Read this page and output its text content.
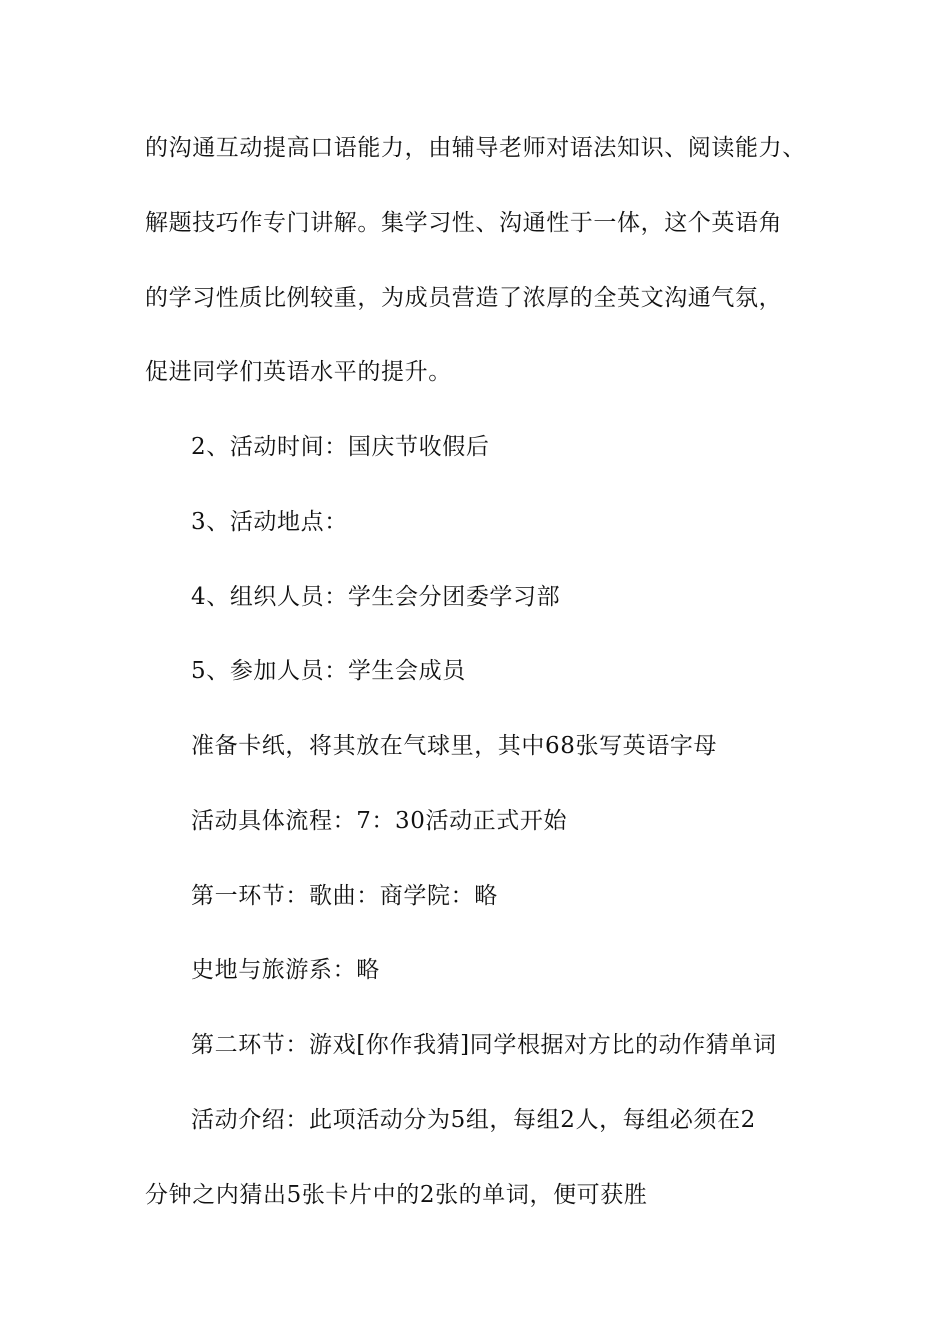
的沟通互动提高口语能力，由辅导老师对语法知识、阅读能力、
解题技巧作专门讲解。集学习性、沟通性于一体，这个英语角
的学习性质比例较重，为成员营造了浓厚的全英文沟通气氛，
促进同学们英语水平的提升。
2、活动时间：国庆节收假后
3、活动地点：
4、组织人员：学生会分团委学习部
5、参加人员：学生会成员
准备卡纸，将其放在气球里，其中68张写英语字母
活动具体流程：7：30活动正式开始
第一环节：歌曲：商学院：略
史地与旅游系：略
第二环节：游戏[你作我猜]同学根据对方比的动作猜单词
活动介绍：此项活动分为5组，每组2人，每组必须在2
分钟之内猜出5张卡片中的2张的单词，便可获胜
